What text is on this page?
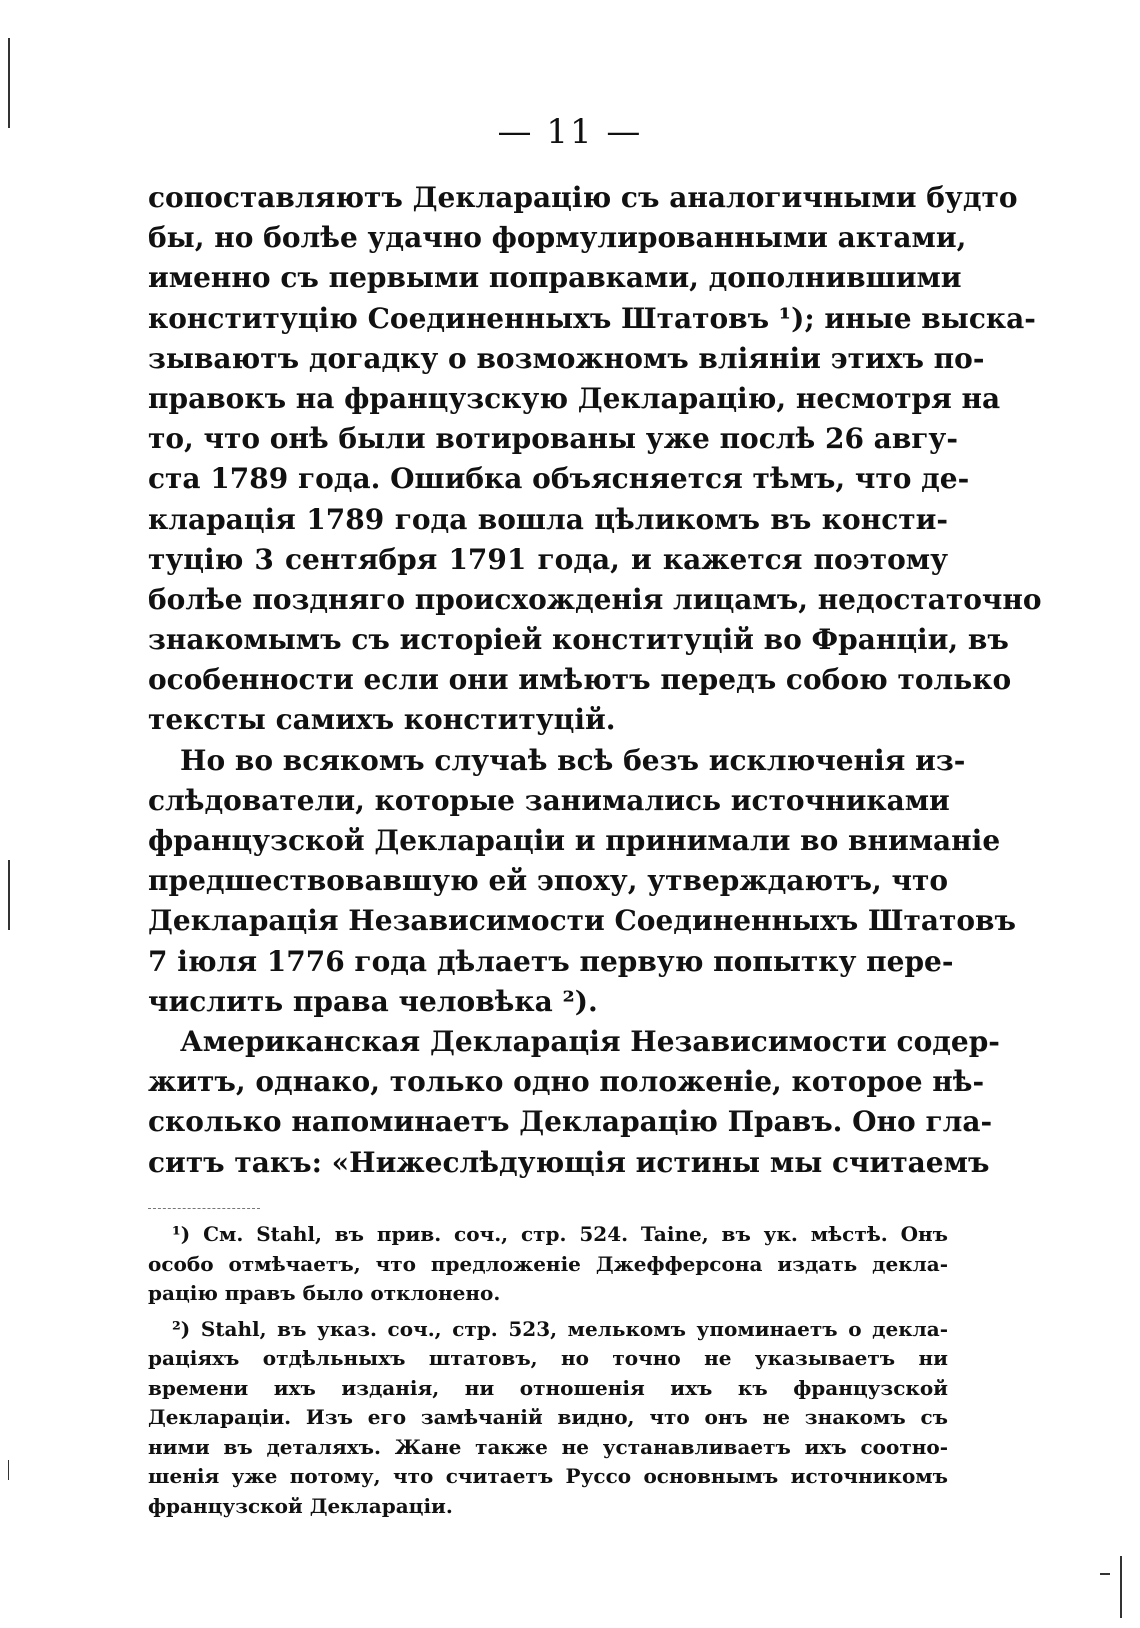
— 11 —
сопоставляютъ Декларацію съ аналогичными будто
бы, но болѣе удачно формулированными актами,
именно съ первыми поправками, дополнившими
конституцію Соединенныхъ Штатовъ ¹); иные выска-
зываютъ догадку о возможномъ вліяніи этихъ по-
правокъ на французскую Декларацію, несмотря на
то, что онѣ были вотированы уже послѣ 26 авгу-
ста 1789 года. Ошибка объясняется тѣмъ, что де-
кларація 1789 года вошла цѣликомъ въ консти-
туцію 3 сентября 1791 года, и кажется поэтому
болѣе поздняго происхожденія лицамъ, недостаточно
знакомымъ съ исторіей конституцій во Франціи, въ
особенности если они имѣютъ передъ собою только
тексты самихъ конституцій.
Но во всякомъ случаѣ всѣ безъ исключенія из-
слѣдователи, которые занимались источниками
французской Деклараціи и принимали во вниманіе
предшествовавшую ей эпоху, утверждаютъ, что
Декларація Независимости Соединенныхъ Штатовъ
7 іюля 1776 года дѣлаетъ первую попытку пере-
числить права человѣка ²).
Американская Декларація Независимости содер-
житъ, однако, только одно положеніе, которое нѣ-
сколько напоминаетъ Декларацію Правъ. Оно гла-
ситъ такъ: «Нижеслѣдующія истины мы считаемъ
¹) См. Stahl, въ прив. соч., стр. 524. Taine, въ ук. мѣстѣ. Онъ
особо отмѣчаетъ, что предложеніе Джефферсона издать декла-
рацію правъ было отклонено.
²) Stahl, въ указ. соч., стр. 523, мелькомъ упоминаетъ о декла-
раціяхъ отдѣльныхъ штатовъ, но точно не указываетъ ни
времени ихъ изданія, ни отношенія ихъ къ французской
Деклараціи. Изъ его замѣчаній видно, что онъ не знакомъ съ
ними въ деталяхъ. Жане также не устанавливаетъ ихъ соотно-
шенія уже потому, что считаетъ Руссо основнымъ источникомъ
французской Деклараціи.
